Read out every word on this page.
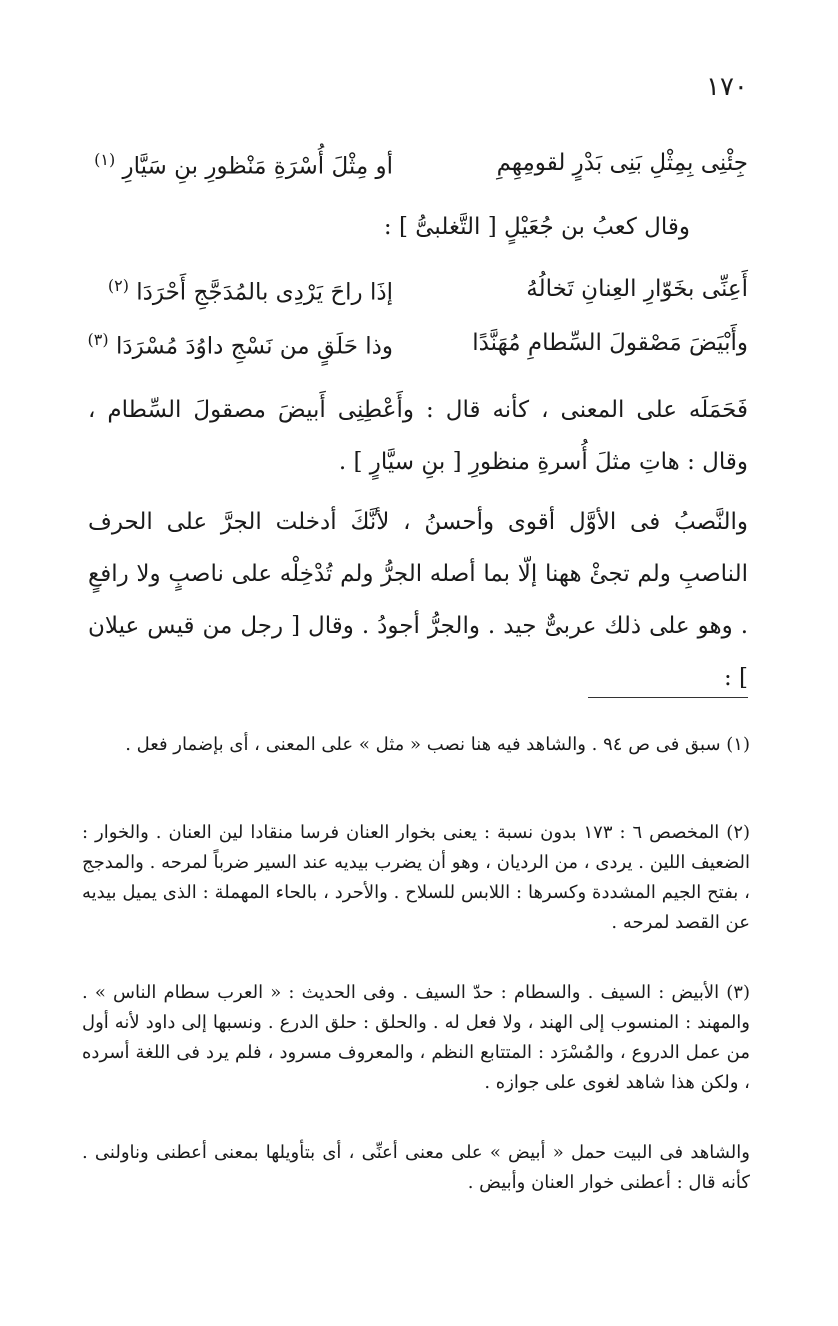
١٧٠
جِئْنِى بِمِثْلِ بَنِى بَدْرٍ لقومِهِمِ
أو مِثْلَ أُسْرَةِ مَنْظورِ بنِ سَيَّارِ $^{(١)}$
وقال كعبُ بن جُعَيْلٍ [ التَّغلبىُّ ] :
أَعِنِّى بخَوّارِ العِنانِ تَخالُهُ
إذَا راحَ يَرْدِى بالمُدَجَّجِ أَحْرَدَا $^{(٢)}$
وأَبْيَضَ مَصْقولَ السِّطامِ مُهَنَّدًا
وذا حَلَقٍ من نَسْجِ داوُدَ مُسْرَدَا $^{(٣)}$

فَحَمَلَه على المعنى ، كأنه قال : وأَعْطِنِى أَبيضَ مصقولَ السِّطام ، وقال : هاتِ مثلَ أُسرةِ منظورِ [ بنِ سيَّارٍ ] .

والنَّصبُ فى الأوَّل أقوى وأحسنُ ، لأنَّكَ أدخلت الجرَّ على الحرف الناصبِ ولم تجئْ ههنا إلّا بما أصله الجرُّ ولم تُدْخِلْه على ناصبٍ ولا رافعٍ . وهو على ذلك عربىٌّ جيد . والجرُّ أجودُ . وقال [ رجل من قيس عيلان ] :

(١) سبق فى ص ٩٤ . والشاهد فيه هنا نصب « مثل » على المعنى ، أى بإضمار فعل .

(٢) المخصص ٦ : ١٧٣ بدون نسبة : يعنى بخوار العنان فرسا منقادا لين العنان . والخوار : الضعيف اللين . يردى ، من الرديان ، وهو أن يضرب بيديه عند السير ضرباً لمرحه . والمدجج ، بفتح الجيم المشددة وكسرها : اللابس للسلاح . والأحرد ، بالحاء المهملة : الذى يميل بيديه عن القصد لمرحه .

(٣) الأبيض : السيف . والسطام : حدّ السيف . وفى الحديث : « العرب سطام الناس » . والمهند : المنسوب إلى الهند ، ولا فعل له . والحلق : حلق الدرع . ونسبها إلى داود لأنه أول من عمل الدروع ، والمُسْرَد : المتتابع النظم ، والمعروف مسرود ، فلم يرد فى اللغة أسرده ، ولكن هذا شاهد لغوى على جوازه .

والشاهد فى البيت حمل « أبيض » على معنى أعنِّى ، أى بتأويلها بمعنى أعطنى وناولنى . كأنه قال : أعطنى خوار العنان وأبيض .
